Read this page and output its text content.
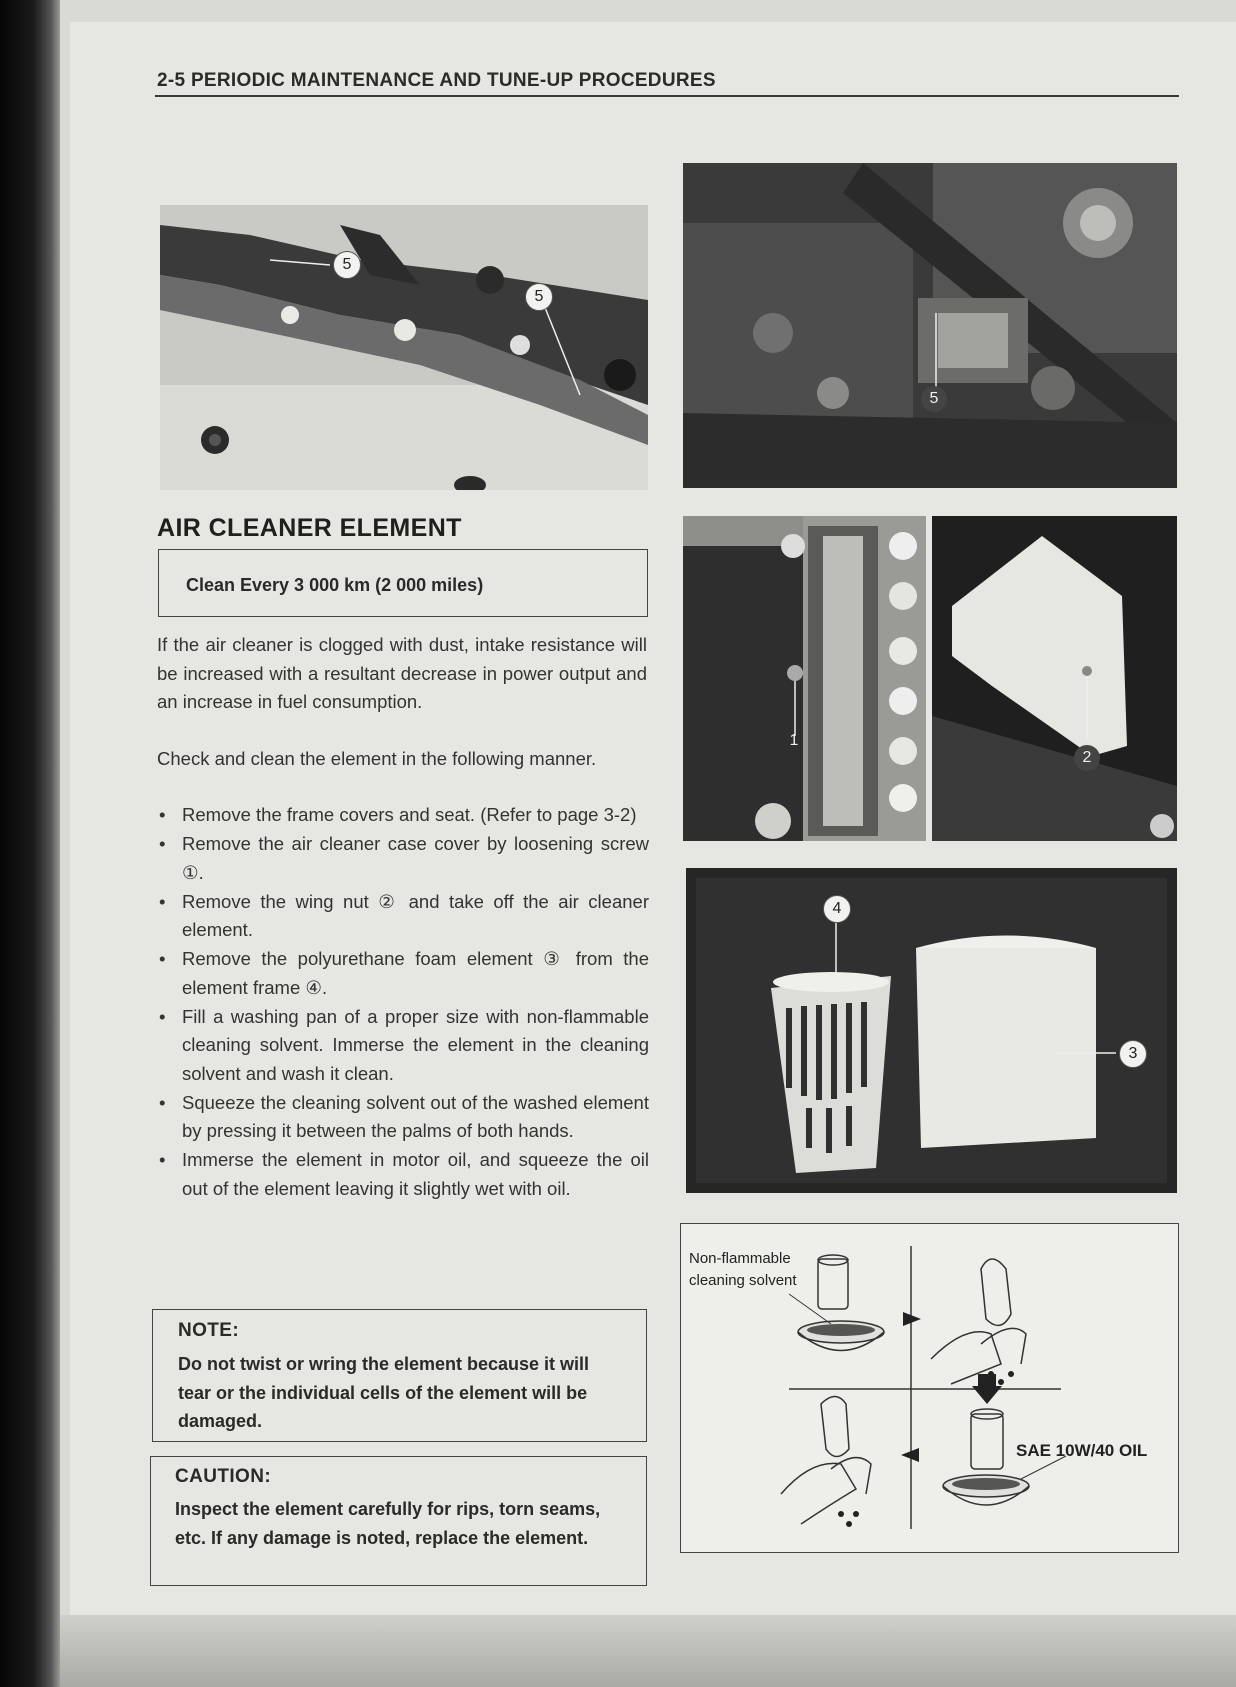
2-5 PERIODIC MAINTENANCE AND TUNE-UP PROCEDURES
5
5
5
1
2
4
3
AIR CLEANER ELEMENT
Clean Every 3 000 km (2 000 miles)
If the air cleaner is clogged with dust, intake resistance will be increased with a resultant decrease in power output and an increase in fuel consumption.
Check and clean the element in the following manner.
• Remove the frame covers and seat. (Refer to page 3-2)
• Remove the air cleaner case cover by loosening screw ①.
• Remove the wing nut ② and take off the air cleaner element.
• Remove the polyurethane foam element ③ from the element frame ④.
• Fill a washing pan of a proper size with non-flammable cleaning solvent. Immerse the element in the cleaning solvent and wash it clean.
• Squeeze the cleaning solvent out of the washed element by pressing it between the palms of both hands.
• Immerse the element in motor oil, and squeeze the oil out of the element leaving it slightly wet with oil.
NOTE:
Do not twist or wring the element because it will tear or the individual cells of the element will be damaged.
CAUTION:
Inspect the element carefully for rips, torn seams, etc. If any damage is noted, replace the element.
Non-flammable
cleaning solvent
SAE 10W/40 OIL
